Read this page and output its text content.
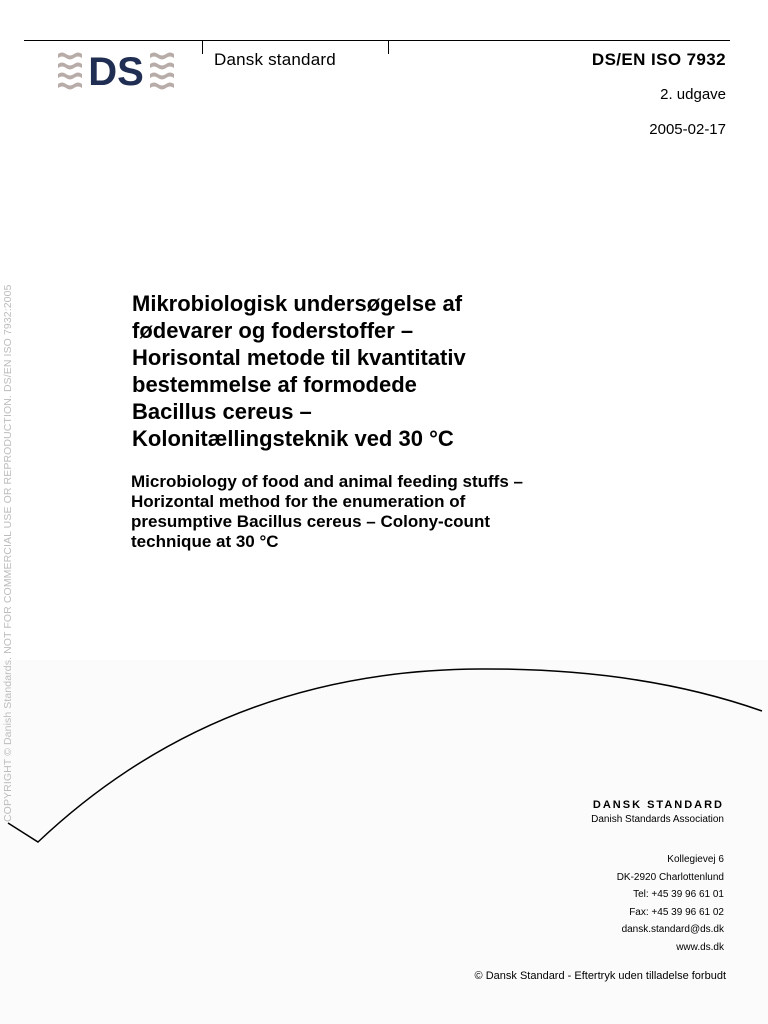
DS	Dansk standard	DS/EN ISO 7932
2. udgave
2005-02-17
COPYRIGHT © Danish Standards. NOT FOR COMMERCIAL USE OR REPRODUCTION. DS/EN ISO 7932:2005	Mikrobiologisk undersøgelse af
fødevarer og foderstoffer –
Horisontal metode til kvantitativ
bestemmelse af formodede
Bacillus cereus –
Kolonitællingsteknik ved 30 °C
Microbiology of food and animal feeding stuffs –
Horizontal method for the enumeration of
presumptive Bacillus cereus – Colony-count
technique at 30 °C
DANSK STANDARD
Danish Standards Association
Kollegievej 6
DK-2920 Charlottenlund
Tel: +45 39 96 61 01
Fax: +45 39 96 61 02
dansk.standard@ds.dk
www.ds.dk
© Dansk Standard - Eftertryk uden tilladelse forbudt
